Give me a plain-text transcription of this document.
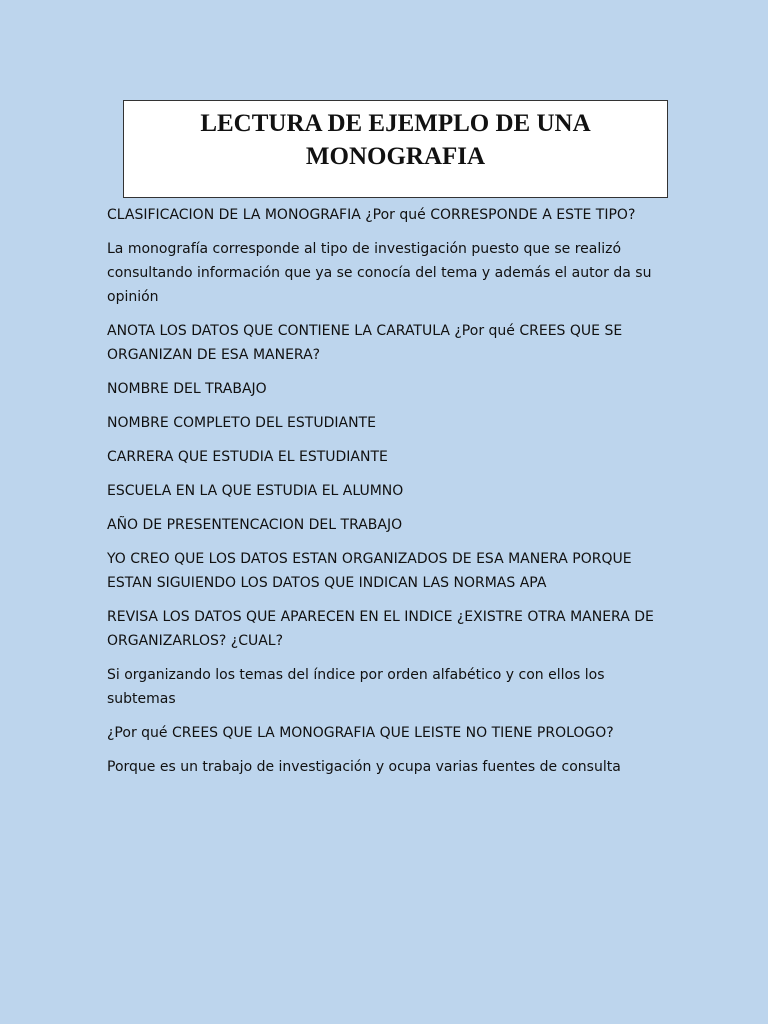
LECTURA DE EJEMPLO DE UNA MONOGRAFIA

CLASIFICACION DE LA MONOGRAFIA ¿Por qué CORRESPONDE A ESTE TIPO?

La monografía corresponde al tipo de investigación puesto que se realizó consultando información que ya se conocía del tema y además el autor da su opinión

ANOTA LOS DATOS QUE CONTIENE LA CARATULA ¿Por qué CREES QUE SE ORGANIZAN DE ESA MANERA?

NOMBRE DEL TRABAJO

NOMBRE COMPLETO DEL ESTUDIANTE

CARRERA QUE ESTUDIA EL ESTUDIANTE

ESCUELA EN LA QUE ESTUDIA EL ALUMNO

AÑO DE PRESENTENCACION DEL TRABAJO

YO CREO QUE LOS DATOS ESTAN ORGANIZADOS DE ESA MANERA PORQUE ESTAN SIGUIENDO LOS DATOS QUE INDICAN LAS NORMAS APA

REVISA LOS DATOS QUE APARECEN EN EL INDICE ¿EXISTRE OTRA MANERA DE ORGANIZARLOS? ¿CUAL?

Si organizando los temas del índice por orden alfabético y con ellos los subtemas

¿Por qué CREES QUE LA MONOGRAFIA QUE LEISTE NO TIENE PROLOGO?

Porque es un trabajo de investigación y ocupa varias fuentes de consulta
